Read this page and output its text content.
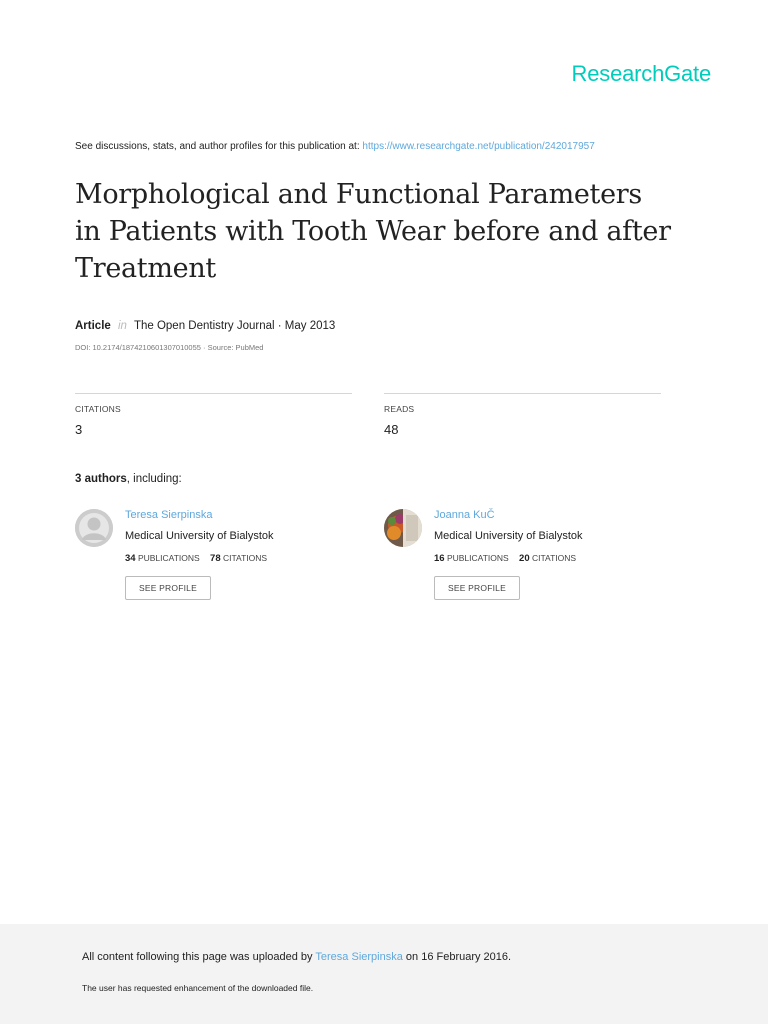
ResearchGate
See discussions, stats, and author profiles for this publication at: https://www.researchgate.net/publication/242017957
Morphological and Functional Parameters in Patients with Tooth Wear before and after Treatment
Article in The Open Dentistry Journal · May 2013
DOI: 10.2174/1874210601307010055 · Source: PubMed
CITATIONS
3
READS
48
3 authors, including:
Teresa Sierpinska
Medical University of Bialystok
34 PUBLICATIONS 78 CITATIONS
SEE PROFILE
Joanna KuČ
Medical University of Bialystok
16 PUBLICATIONS 20 CITATIONS
SEE PROFILE
All content following this page was uploaded by Teresa Sierpinska on 16 February 2016.
The user has requested enhancement of the downloaded file.
